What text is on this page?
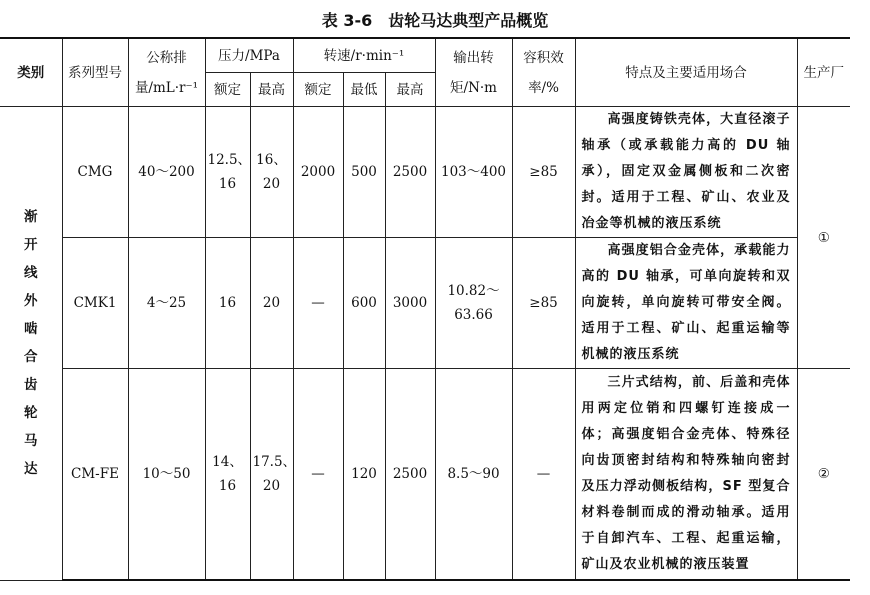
表 3-6　齿轮马达典型产品概览
类别	系列型号	公称排量/mL·r⁻¹	压力/MPa		转速/r·min⁻¹			输出转矩/N·m	容积效率/%	特点及主要适用场合	生产厂
			额定	最高	额定	最低	最高				

渐开线外啮合齿轮马达	CMG	40～200	12.5、16	16、20	2000	500	2500	103～400	≥85	高强度铸铁壳体，大直径滚子轴承（或承载能力高的 DU 轴承），固定双金属侧板和二次密封。适用于工程、矿山、农业及冶金等机械的液压系统	①
	CMK1	4～25	16	20	—	600	3000	10.82～63.66	≥85	高强度铝合金壳体，承载能力高的 DU 轴承，可单向旋转和双向旋转，单向旋转可带安全阀。适用于工程、矿山、起重运输等机械的液压系统	
	CM-FE	10～50	14、16	17.5、20	—	120	2500	8.5～90	—	三片式结构，前、后盖和壳体用两定位销和四螺钉连接成一体；高强度铝合金壳体、特殊径向齿顶密封结构和特殊轴向密封及压力浮动侧板结构，SF 型复合材料卷制而成的滑动轴承。适用于自卸汽车、工程、起重运输，矿山及农业机械的液压装置	②
